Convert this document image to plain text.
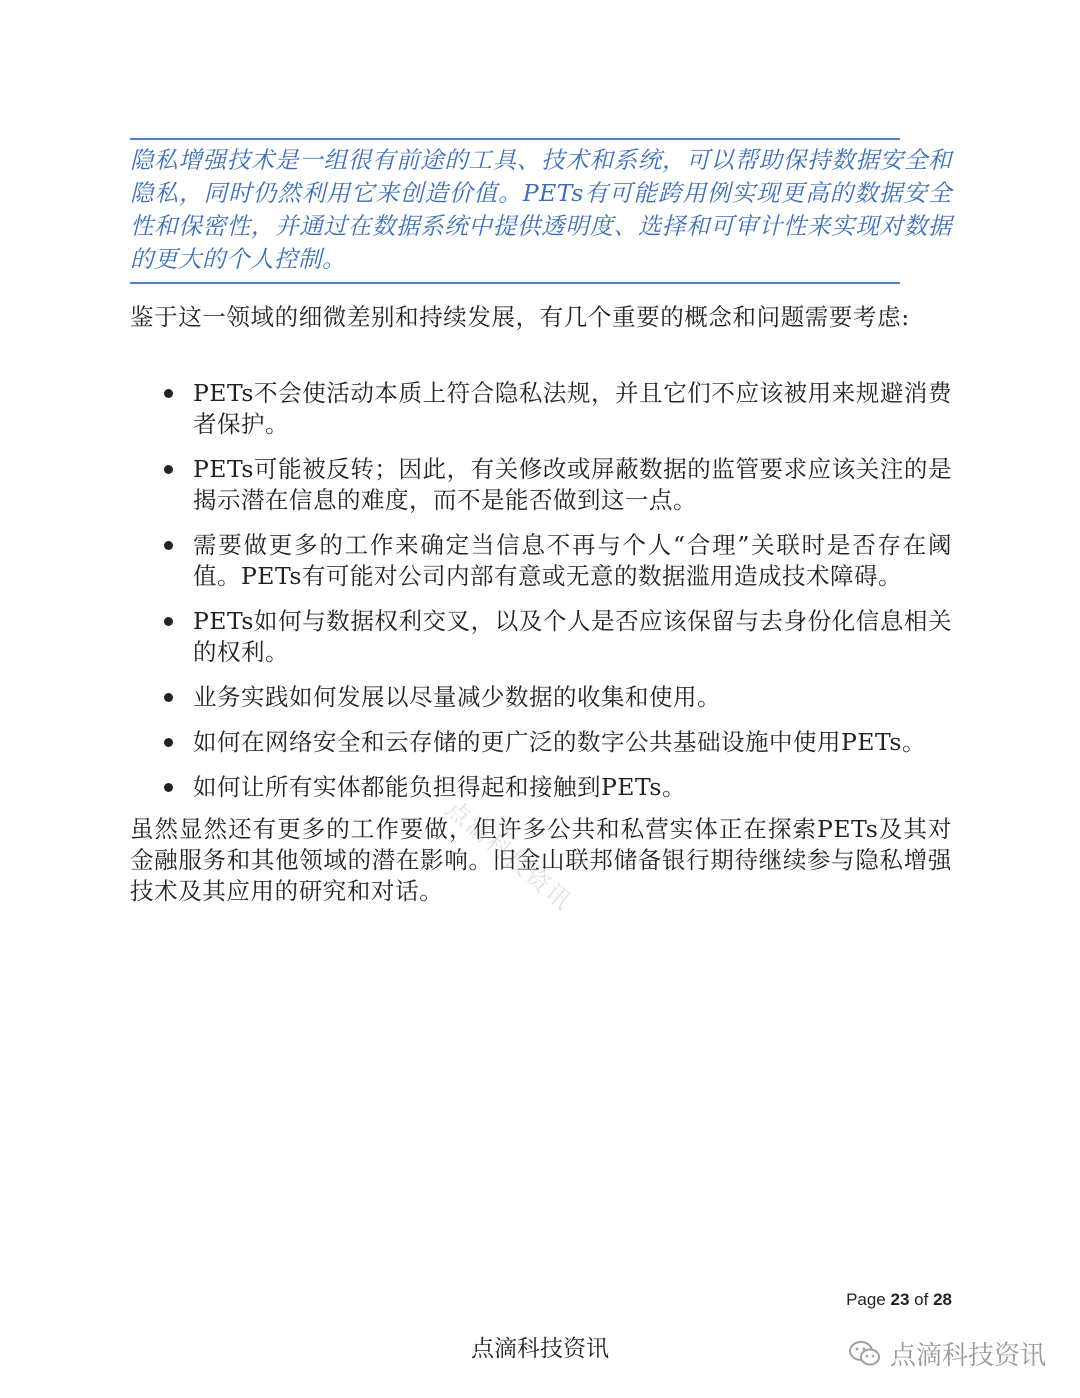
隐私增强技术是一组很有前途的工具、技术和系统，可以帮助保持数据安全和隐私，同时仍然利用它来创造价值。PETs有可能跨用例实现更高的数据安全性和保密性，并通过在数据系统中提供透明度、选择和可审计性来实现对数据的更大的个人控制。

鉴于这一领域的细微差别和持续发展，有几个重要的概念和问题需要考虑:

PETs不会使活动本质上符合隐私法规，并且它们不应该被用来规避消费者保护。
PETs可能被反转；因此，有关修改或屏蔽数据的监管要求应该关注的是揭示潜在信息的难度，而不是能否做到这一点。
需要做更多的工作来确定当信息不再与个人“合理”关联时是否存在阈值。PETs有可能对公司内部有意或无意的数据滥用造成技术障碍。
PETs如何与数据权利交叉，以及个人是否应该保留与去身份化信息相关的权利。
业务实践如何发展以尽量减少数据的收集和使用。
如何在网络安全和云存储的更广泛的数字公共基础设施中使用PETs。
如何让所有实体都能负担得起和接触到PETs。

虽然显然还有更多的工作要做，但许多公共和私营实体正在探索PETs及其对金融服务和其他领域的潜在影响。旧金山联邦储备银行期待继续参与隐私增强技术及其应用的研究和对话。

点滴科技资讯
Page 23 of 28
点滴科技资讯	点滴科技资讯
